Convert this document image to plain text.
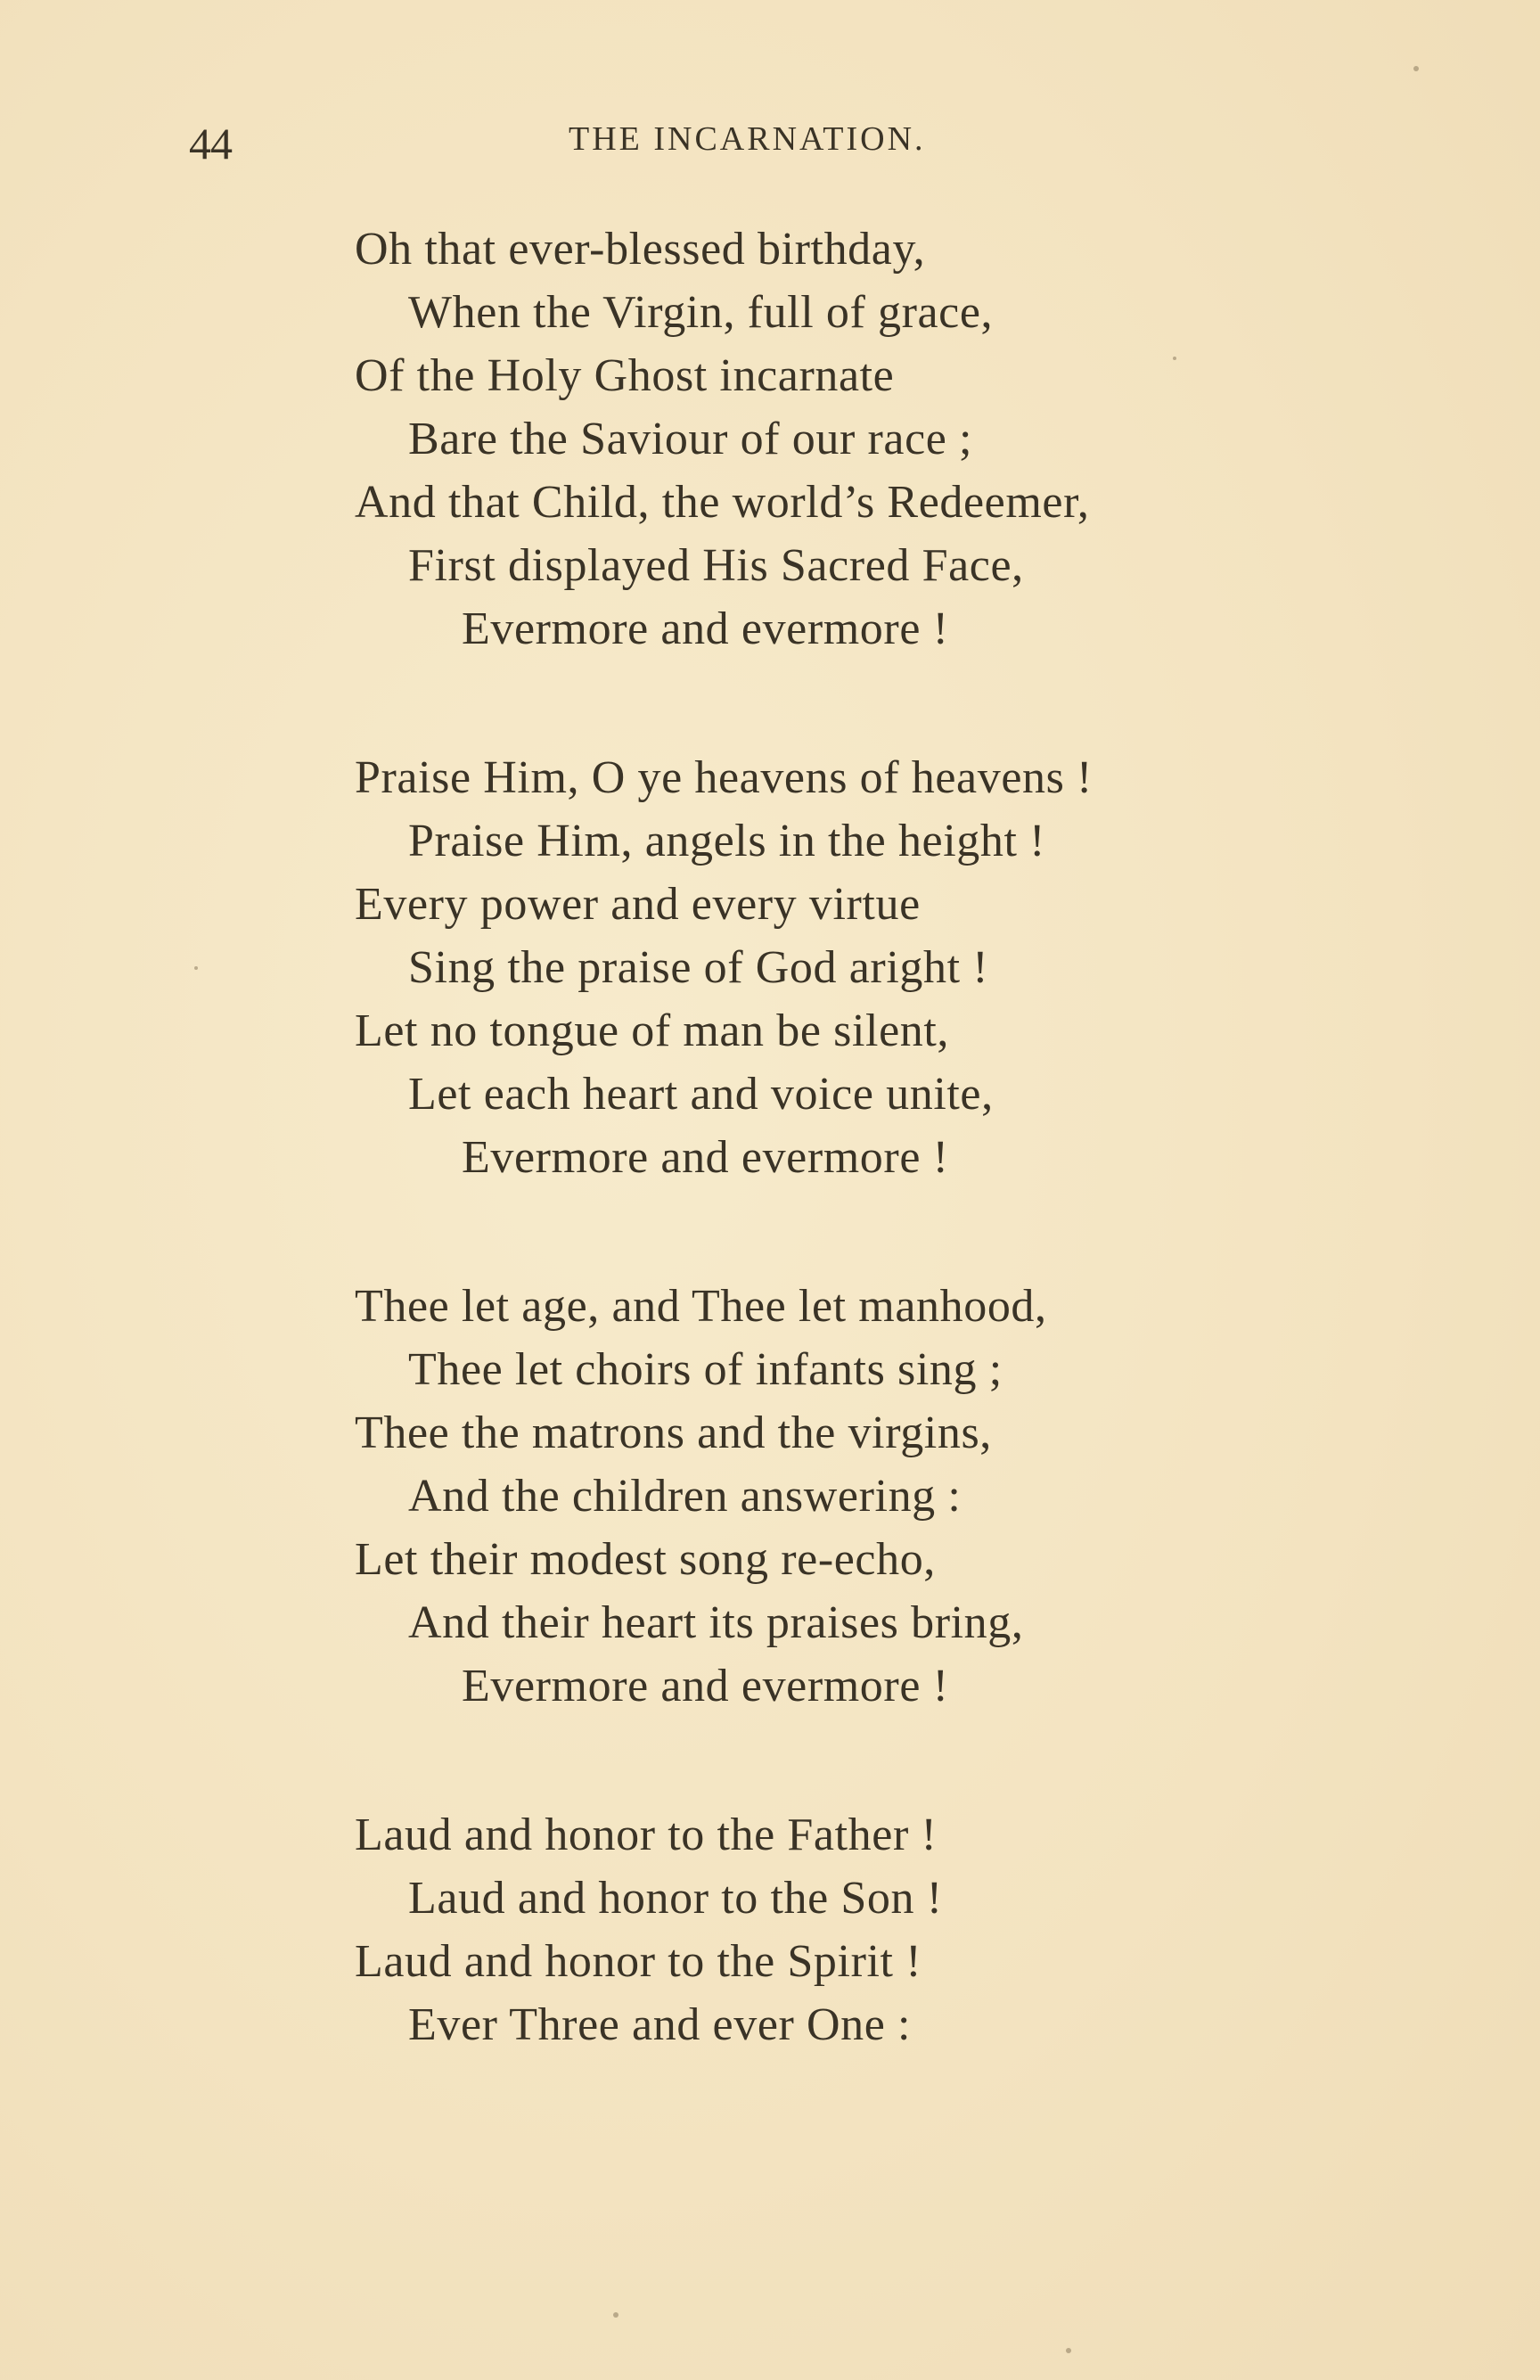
44	THE INCARNATION.
Oh that ever-blessed birthday,
When the Virgin, full of grace,
Of the Holy Ghost incarnate
Bare the Saviour of our race ;
And that Child, the world’s Redeemer,
First displayed His Sacred Face,
Evermore and evermore !
Praise Him, O ye heavens of heavens !
Praise Him, angels in the height !
Every power and every virtue
Sing the praise of God aright !
Let no tongue of man be silent,
Let each heart and voice unite,
Evermore and evermore !
Thee let age, and Thee let manhood,
Thee let choirs of infants sing ;
Thee the matrons and the virgins,
And the children answering :
Let their modest song re-echo,
And their heart its praises bring,
Evermore and evermore !
Laud and honor to the Father !
Laud and honor to the Son !
Laud and honor to the Spirit !
Ever Three and ever One :
